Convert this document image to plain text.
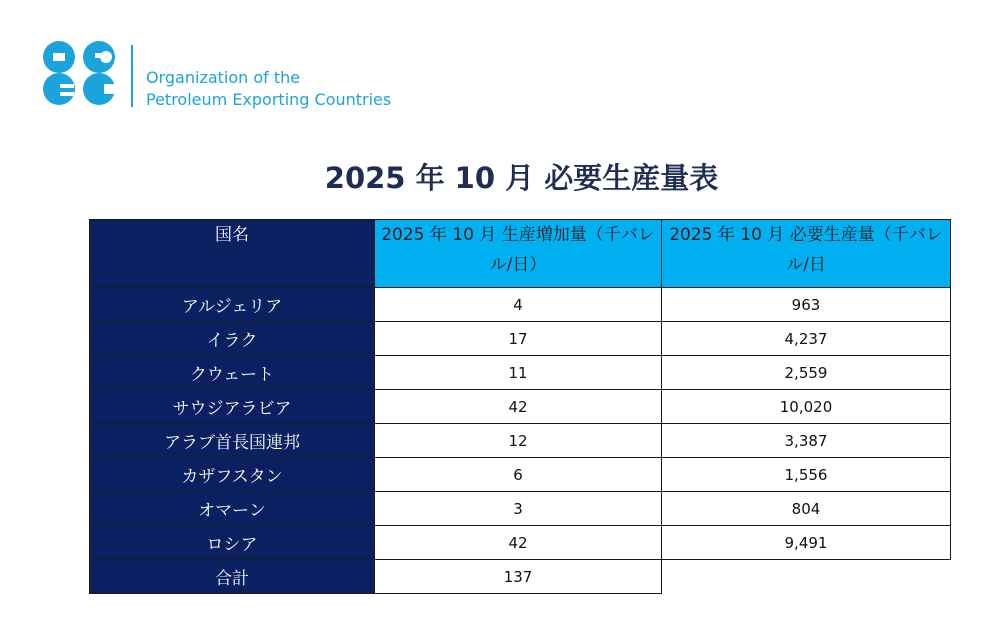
Organization of the
Petroleum Exporting Countries
2025 年 10 月 必要生産量表
国名	2025 年 10 月 生産増加量（千バレル/日）	2025 年 10 月 必要生産量（千バレル/日
アルジェリア	4	963
イラク	17	4,237
クウェート	11	2,559
サウジアラビア	42	10,020
アラブ首長国連邦	12	3,387
カザフスタン	6	1,556
オマーン	3	804
ロシア	42	9,491
合計	137	
